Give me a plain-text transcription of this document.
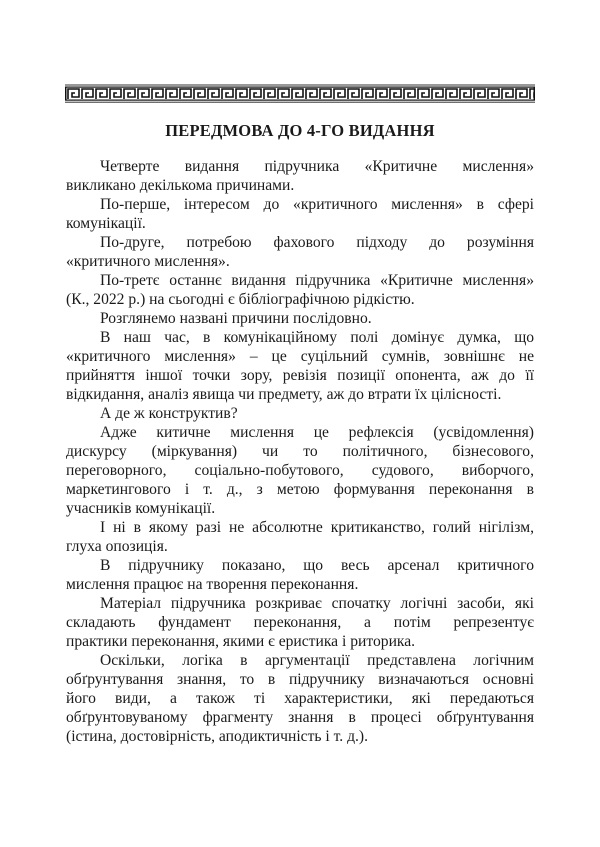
ПЕРЕДМОВА ДО 4-ГО ВИДАННЯ
Четверте видання підручника «Критичне мислення»
викликано декількома причинами.
По-перше, інтересом до «критичного мислення» в сфері
комунікації.
По-друге, потребою фахового підходу до розуміння
«критичного мислення».
По-третє останнє видання підручника «Критичне мислення»
(К., 2022 р.) на сьогодні є бібліографічною рідкістю.
Розглянемо названі причини послідовно.
В наш час, в комунікаційному полі домінує думка, що
«критичного мислення» – це суцільний сумнів, зовнішнє не
прийняття іншої точки зору, ревізія позиції опонента, аж до її
відкидання, аналіз явища чи предмету, аж до втрати їх цілісності.
А де ж конструктив?
Адже китичне мислення це рефлексія (усвідомлення)
дискурсу (міркування) чи то політичного, бізнесового,
переговорного, соціально-побутового, судового, виборчого,
маркетингового і т. д., з метою формування переконання в
учасників комунікації.
І ні в якому разі не абсолютне критиканство, голий нігілізм,
глуха опозиція.
В підручнику показано, що весь арсенал критичного
мислення працює на творення переконання.
Матеріал підручника розкриває спочатку логічні засоби, які
складають фундамент переконання, а потім репрезентує
практики переконання, якими є еристика і риторика.
Оскільки, логіка в аргументації представлена логічним
обґрунтування знання, то в підручнику визначаються основні
його види, а також ті характеристики, які передаються
обґрунтовуваному фрагменту знання в процесі обґрунтування
(істина, достовірність, аподиктичність і т. д.).
